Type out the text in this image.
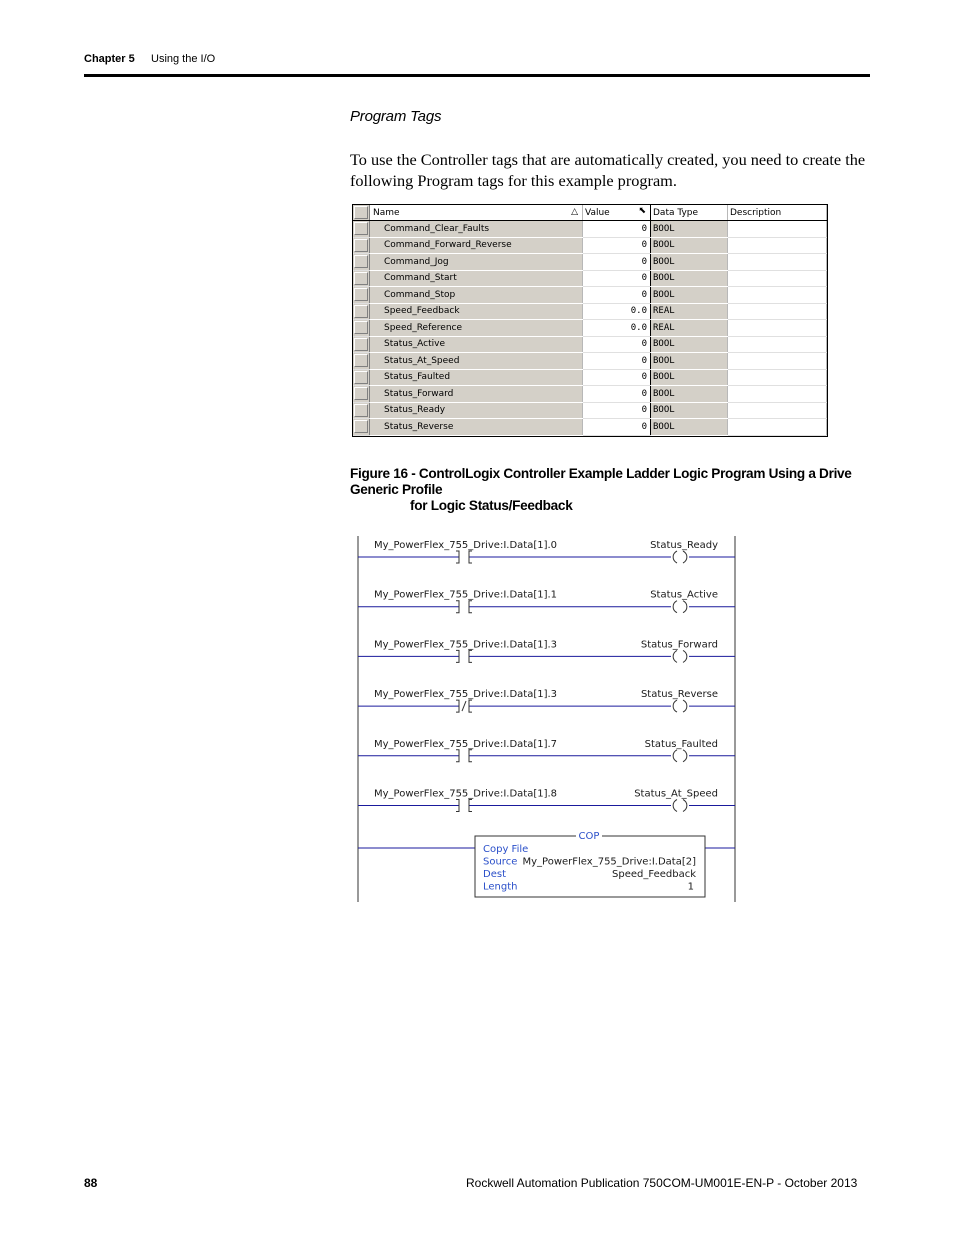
Chapter 5 Using the I/O
Program Tags
To use the Controller tags that are automatically created, you need to create the following Program tags for this example program.
	Name △	Value ⬉	Data Type	Description

	Command_Clear_Faults	0	BOOL	

	Command_Forward_Reverse	0	BOOL	

	Command_Jog	0	BOOL	

	Command_Start	0	BOOL	

	Command_Stop	0	BOOL	

	Speed_Feedback	0.0	REAL	

	Speed_Reference	0.0	REAL	

	Status_Active	0	BOOL	

	Status_At_Speed	0	BOOL	

	Status_Faulted	0	BOOL	

	Status_Forward	0	BOOL	

	Status_Ready	0	BOOL	

	Status_Reverse	0	BOOL	
Figure 16 - ControlLogix Controller Example Ladder Logic Program Using a Drive Generic Profile
for Logic Status/Feedback
My_PowerFlex_755_Drive:I.Data[1].0	Status_Ready
My_PowerFlex_755_Drive:I.Data[1].1	Status_Active
My_PowerFlex_755_Drive:I.Data[1].3	Status_Forward
My_PowerFlex_755_Drive:I.Data[1].3	Status_Reverse
My_PowerFlex_755_Drive:I.Data[1].7	Status_Faulted
My_PowerFlex_755_Drive:I.Data[1].8	Status_At_Speed
COP
Copy File
Source My_PowerFlex_755_Drive:I.Data[2]
Dest	Speed_Feedback
Length	1
88	Rockwell Automation Publication 750COM-UM001E-EN-P - October 2013
